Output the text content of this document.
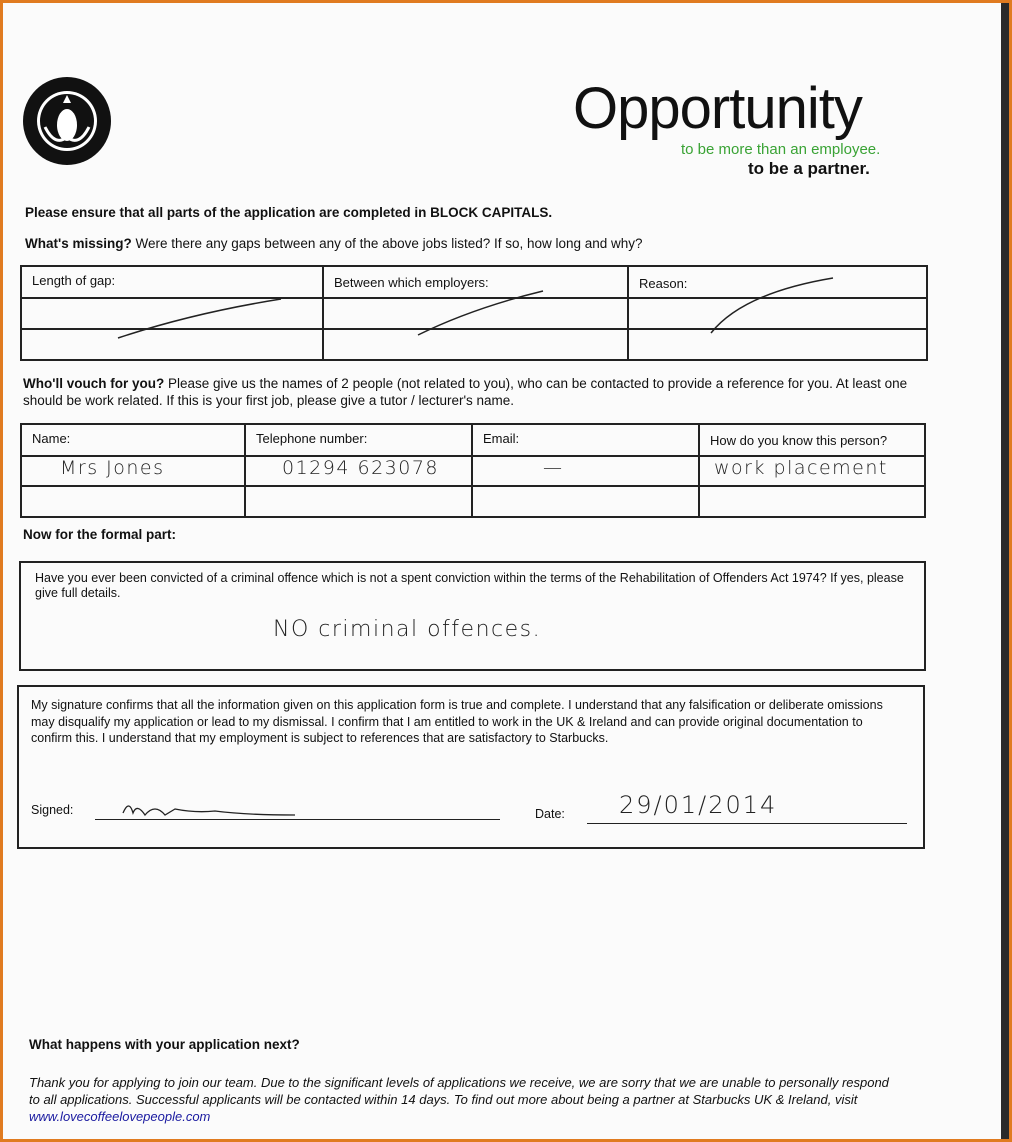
Opportunity
to be more than an employee.
to be a partner.
Please ensure that all parts of the application are completed in BLOCK CAPITALS.
What's missing? Were there any gaps between any of the above jobs listed? If so, how long and why?
Length of gap:	Between which employers:	Reason:

Who'll vouch for you? Please give us the names of 2 people (not related to you), who can be contacted to provide a reference for you. At least one should be work related. If this is your first job, please give a tutor / lecturer's name.
Name:	Telephone number:	Email:	How do you know this person?
Mrs Jones	01294 623078	—	work placement

Now for the formal part:
Have you ever been convicted of a criminal offence which is not a spent conviction within the terms of the Rehabilitation of Offenders Act 1974? If yes, please give full details.
NO criminal offences.
My signature confirms that all the information given on this application form is true and complete. I understand that any falsification or deliberate omissions may disqualify my application or lead to my dismissal. I confirm that I am entitled to work in the UK & Ireland and can provide original documentation to confirm this. I understand that my employment is subject to references that are satisfactory to Starbucks.
Signed:	Date: 29/01/2014
What happens with your application next?
Thank you for applying to join our team. Due to the significant levels of applications we receive, we are sorry that we are unable to personally respond to all applications. Successful applicants will be contacted within 14 days. To find out more about being a partner at Starbucks UK & Ireland, visit www.lovecoffeelovepeople.com
